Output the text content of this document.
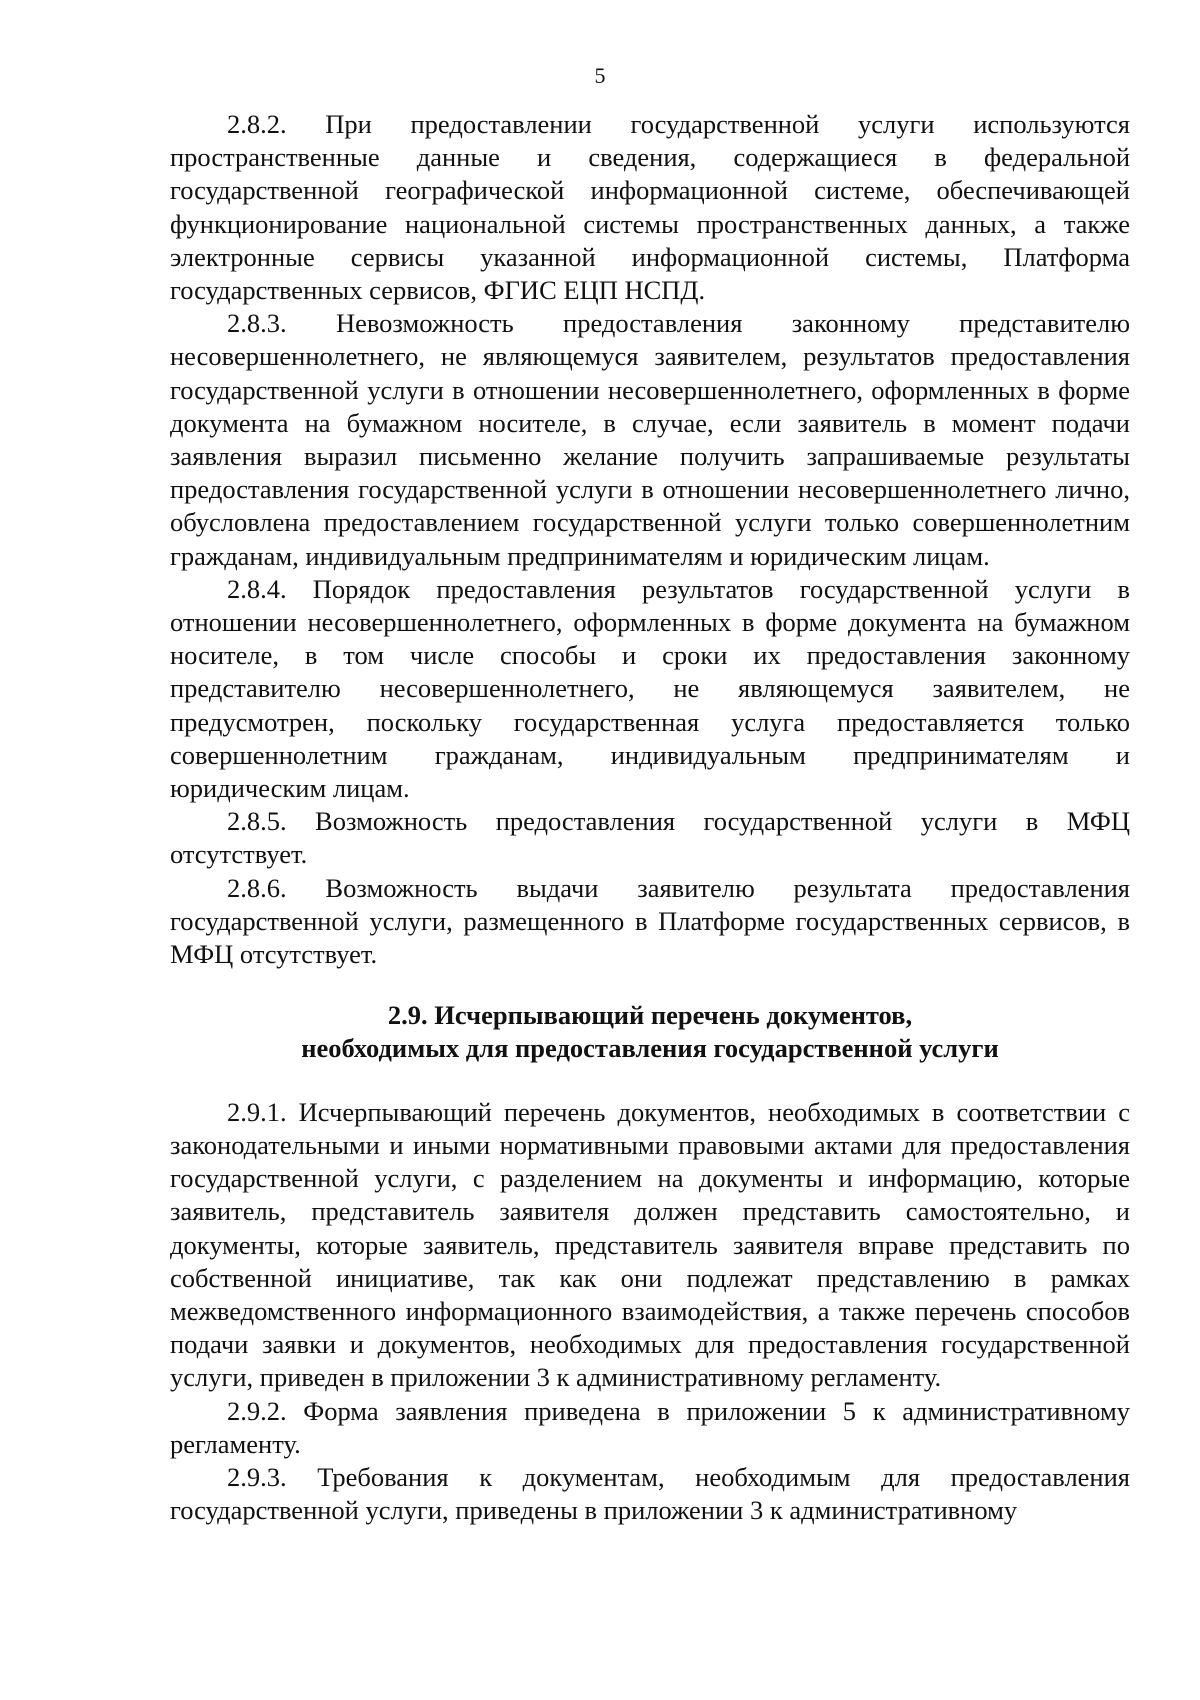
5

2.8.2. При предоставлении государственной услуги используются пространственные данные и сведения, содержащиеся в федеральной государственной географической информационной системе, обеспечивающей функционирование национальной системы пространственных данных, а также электронные сервисы указанной информационной системы, Платформа государственных сервисов, ФГИС ЕЦП НСПД.

2.8.3. Невозможность предоставления законному представителю несовершеннолетнего, не являющемуся заявителем, результатов предоставления государственной услуги в отношении несовершеннолетнего, оформленных в форме документа на бумажном носителе, в случае, если заявитель в момент подачи заявления выразил письменно желание получить запрашиваемые результаты предоставления государственной услуги в отношении несовершеннолетнего лично, обусловлена предоставлением государственной услуги только совершеннолетним гражданам, индивидуальным предпринимателям и юридическим лицам.

2.8.4. Порядок предоставления результатов государственной услуги в отношении несовершеннолетнего, оформленных в форме документа на бумажном носителе, в том числе способы и сроки их предоставления законному представителю несовершеннолетнего, не являющемуся заявителем, не предусмотрен, поскольку государственная услуга предоставляется только совершеннолетним гражданам, индивидуальным предпринимателям и юридическим лицам.

2.8.5. Возможность предоставления государственной услуги в МФЦ отсутствует.

2.8.6. Возможность выдачи заявителю результата предоставления государственной услуги, размещенного в Платформе государственных сервисов, в МФЦ отсутствует.

2.9. Исчерпывающий перечень документов,
необходимых для предоставления государственной услуги

2.9.1. Исчерпывающий перечень документов, необходимых в соответствии с законодательными и иными нормативными правовыми актами для предоставления государственной услуги, с разделением на документы и информацию, которые заявитель, представитель заявителя должен представить самостоятельно, и документы, которые заявитель, представитель заявителя вправе представить по собственной инициативе, так как они подлежат представлению в рамках межведомственного информационного взаимодействия, а также перечень способов подачи заявки и документов, необходимых для предоставления государственной услуги, приведен в приложении 3 к административному регламенту.

2.9.2. Форма заявления приведена в приложении 5 к административному регламенту.

2.9.3. Требования к документам, необходимым для предоставления государственной услуги, приведены в приложении 3 к административному
